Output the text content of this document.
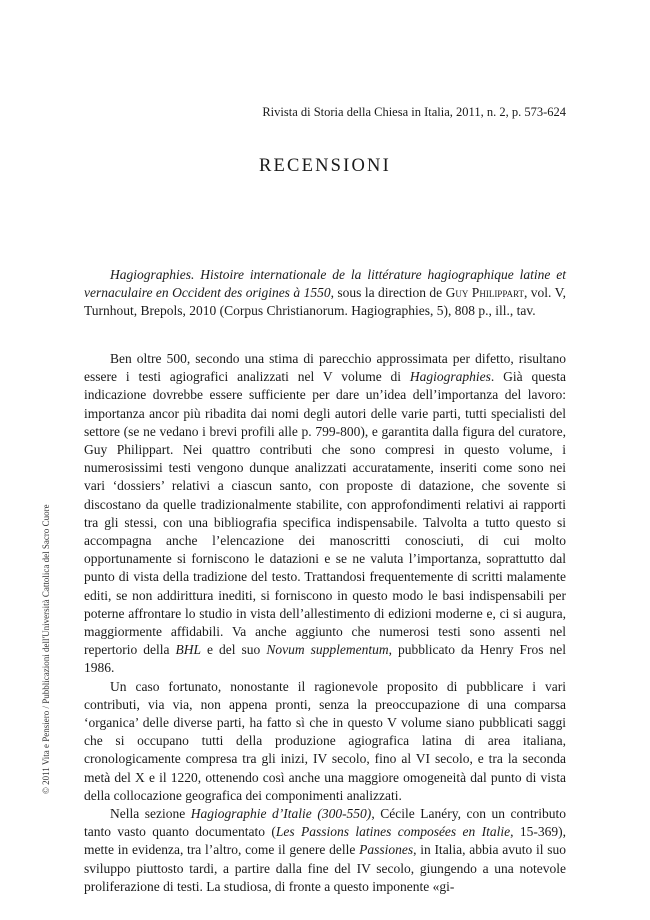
Rivista di Storia della Chiesa in Italia, 2011, n. 2, p. 573-624
RECENSIONI
© 2011 Vita e Pensiero / Pubblicazioni dell'Università Cattolica del Sacro Cuore

Hagiographies. Histoire internationale de la littérature hagiographique latine et vernaculaire en Occident des origines à 1550, sous la direction de Guy Philippart, vol. V, Turnhout, Brepols, 2010 (Corpus Christianorum. Hagiographies, 5), 808 p., ill., tav.

Ben oltre 500, secondo una stima di parecchio approssimata per difetto, risultano essere i testi agiografici analizzati nel V volume di Hagiographies. Già questa indicazione dovrebbe essere sufficiente per dare un’idea dell’importanza del lavoro: importanza ancor più ribadita dai nomi degli autori delle varie parti, tutti specialisti del settore (se ne vedano i brevi profili alle p. 799-800), e garantita dalla figura del curatore, Guy Philippart. Nei quattro contributi che sono compresi in questo volume, i numerosissimi testi vengono dunque analizzati accuratamente, inseriti come sono nei vari ‘dossiers’ relativi a ciascun santo, con proposte di datazione, che sovente si discostano da quelle tradizionalmente stabilite, con approfondimenti relativi ai rapporti tra gli stessi, con una bibliografia specifica indispensabile. Talvolta a tutto questo si accompagna anche l’elencazione dei manoscritti conosciuti, di cui molto opportunamente si forniscono le datazioni e se ne valuta l’importanza, soprattutto dal punto di vista della tradizione del testo. Trattandosi frequentemente di scritti malamente editi, se non addirittura inediti, si forniscono in questo modo le basi indispensabili per poterne affrontare lo studio in vista dell’allestimento di edizioni moderne e, ci si augura, maggiormente affidabili. Va anche aggiunto che numerosi testi sono assenti nel repertorio della BHL e del suo Novum supplementum, pubblicato da Henry Fros nel 1986.

Un caso fortunato, nonostante il ragionevole proposito di pubblicare i vari contributi, via via, non appena pronti, senza la preoccupazione di una comparsa ‘organica’ delle diverse parti, ha fatto sì che in questo V volume siano pubblicati saggi che si occupano tutti della produzione agiografica latina di area italiana, cronologicamente compresa tra gli inizi, IV secolo, fino al VI secolo, e tra la seconda metà del X e il 1220, ottenendo così anche una maggiore omogeneità dal punto di vista della collocazione geografica dei componimenti analizzati.

Nella sezione Hagiographie d’Italie (300-550), Cécile Lanéry, con un contributo tanto vasto quanto documentato (Les Passions latines composées en Italie, 15-369), mette in evidenza, tra l’altro, come il genere delle Passiones, in Italia, abbia avuto il suo sviluppo piuttosto tardi, a partire dalla fine del IV secolo, giungendo a una notevole proliferazione di testi. La studiosa, di fronte a questo imponente «gi-
